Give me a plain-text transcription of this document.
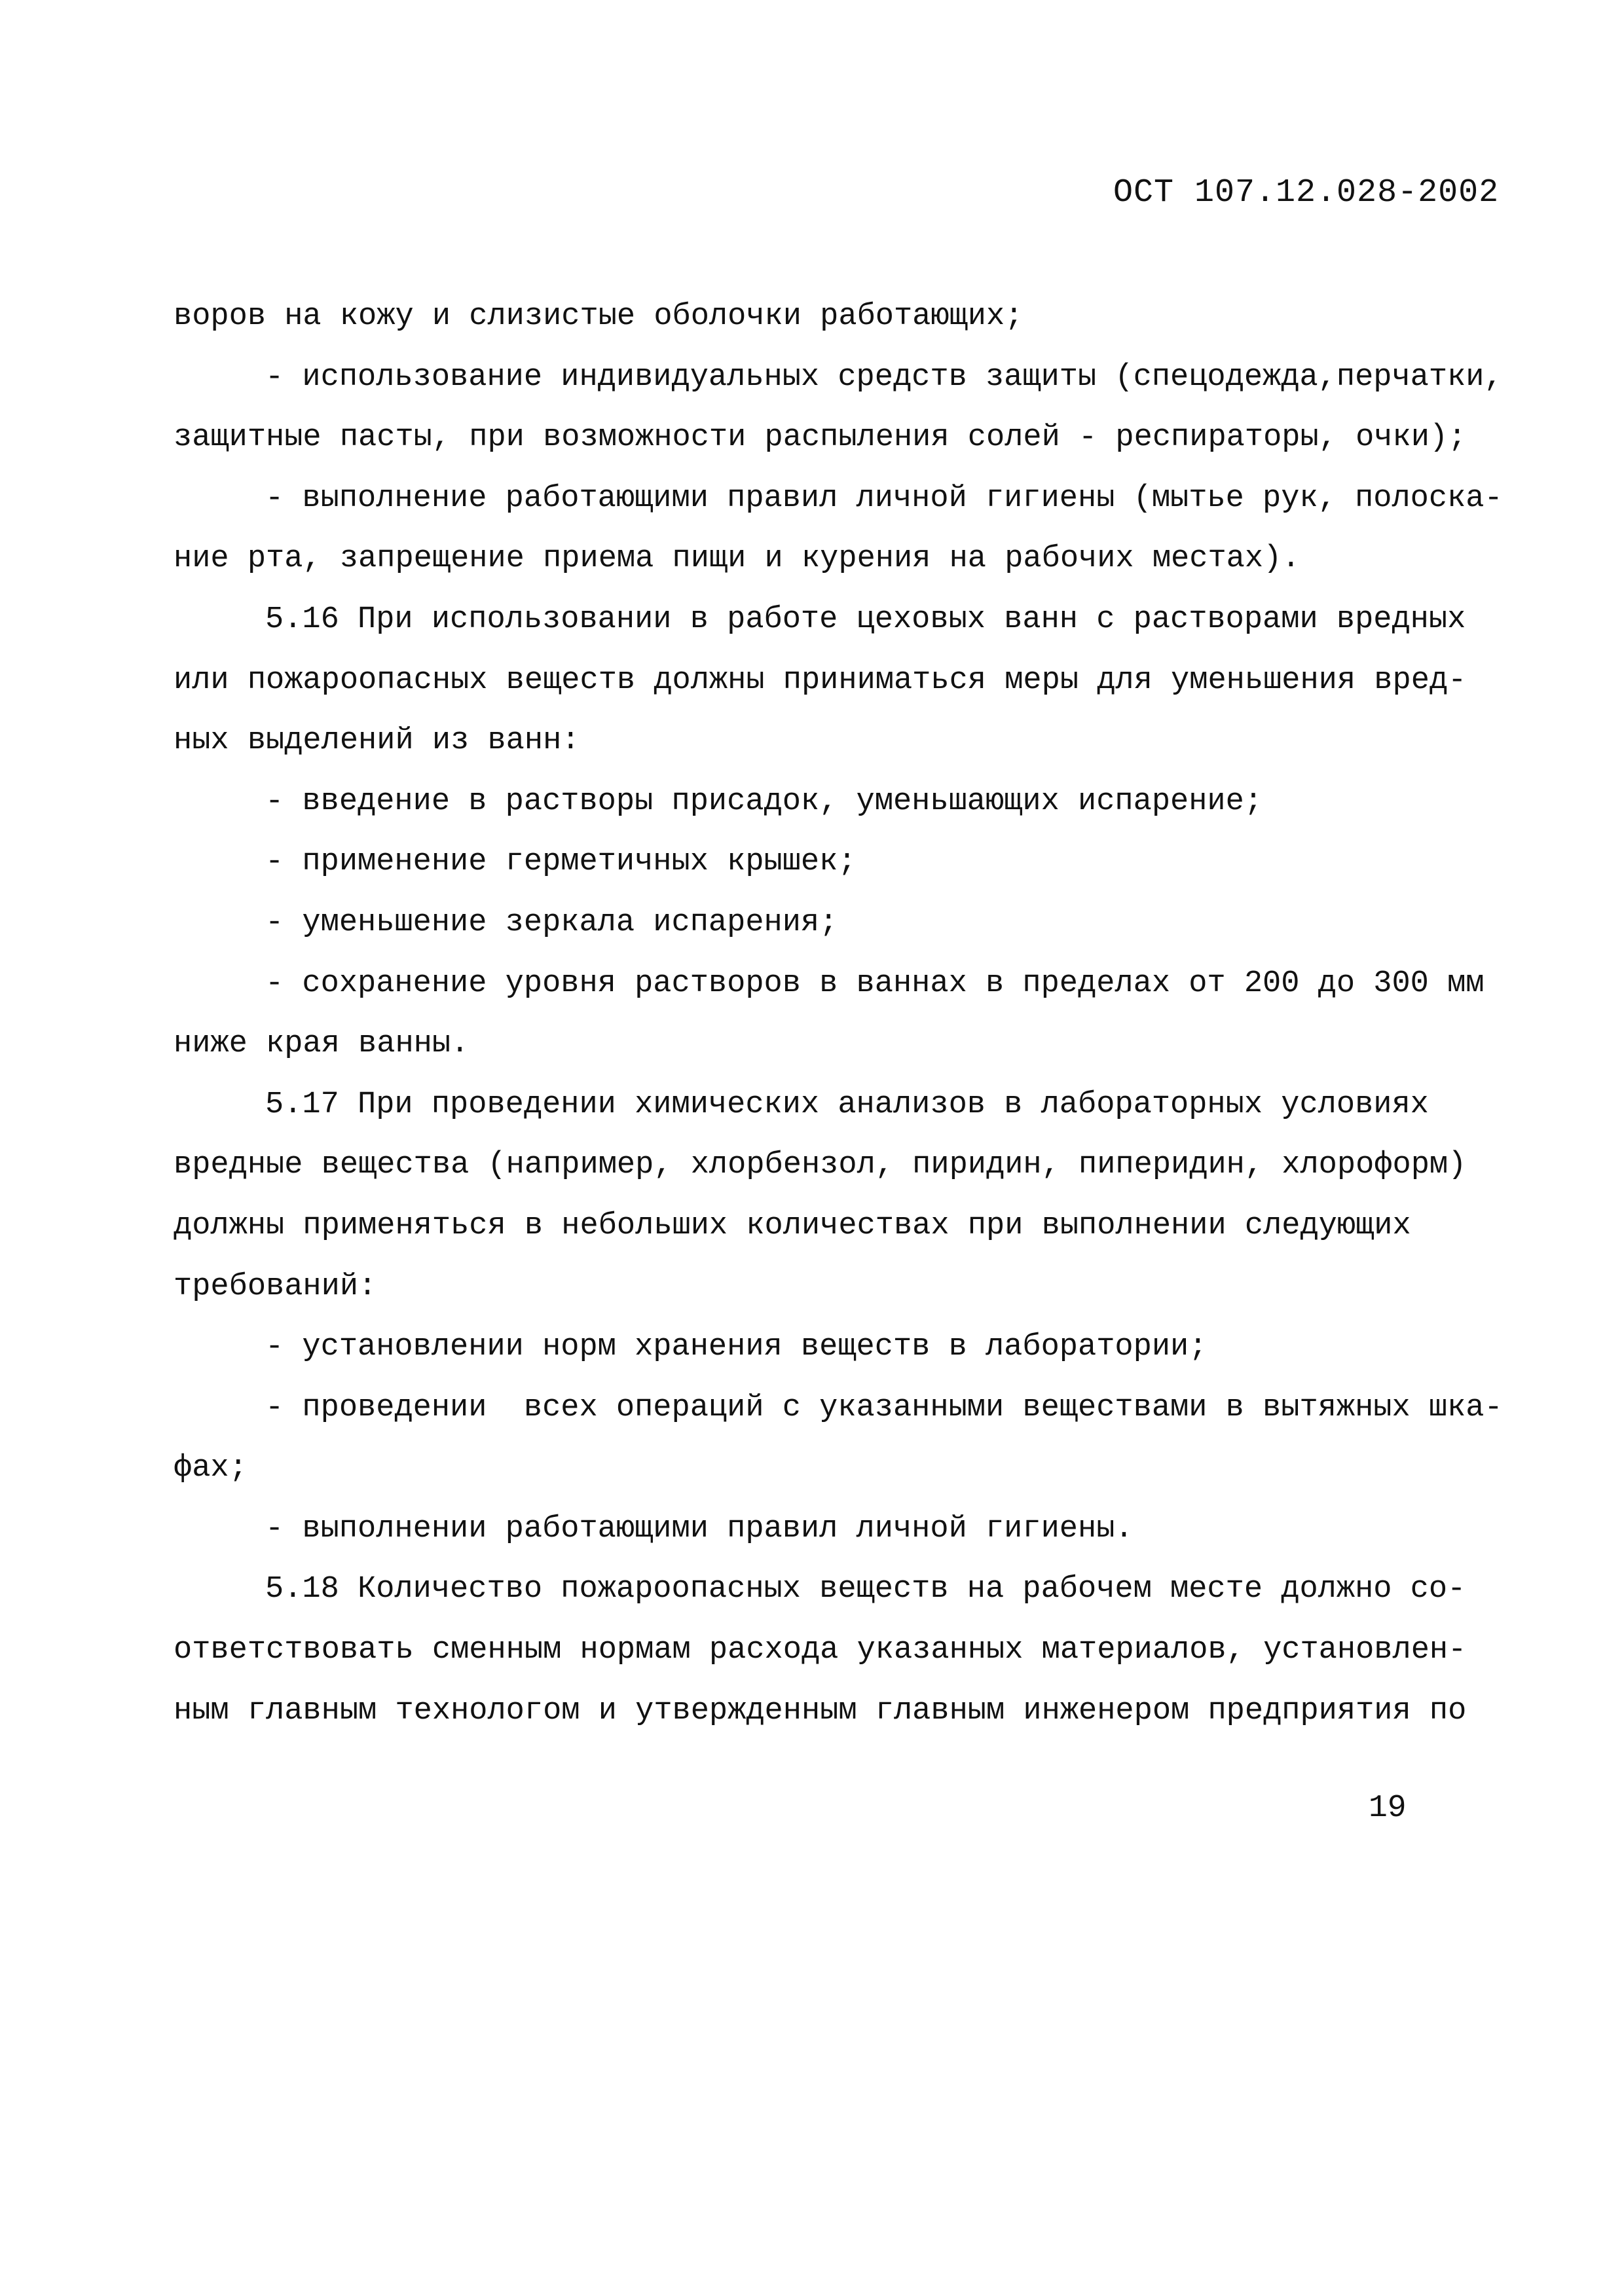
ОСТ 107.12.028-2002
воров на кожу и слизистые оболочки работающих;
- использование индивидуальных средств защиты (спецодежда,перчатки,
защитные пасты, при возможности распыления солей - респираторы, очки);
- выполнение работающими правил личной гигиены (мытье рук, полоска-
ние рта, запрещение приема пищи и курения на рабочих местах).
5.16 При использовании в работе цеховых ванн с растворами вредных
или пожароопасных веществ должны приниматься меры для уменьшения вред-
ных выделений из ванн:
- введение в растворы присадок, уменьшающих испарение;
- применение герметичных крышек;
- уменьшение зеркала испарения;
- сохранение уровня растворов в ваннах в пределах от 200 до 300 мм
ниже края ванны.
5.17 При проведении химических анализов в лабораторных условиях
вредные вещества (например, хлорбензол, пиридин, пиперидин, хлороформ)
должны применяться в небольших количествах при выполнении следующих
требований:
- установлении норм хранения веществ в лаборатории;
- проведении  всех операций с указанными веществами в вытяжных шка-
фах;
- выполнении работающими правил личной гигиены.
5.18 Количество пожароопасных веществ на рабочем месте должно со-
ответствовать сменным нормам расхода указанных материалов, установлен-
ным главным технологом и утвержденным главным инженером предприятия по
19
